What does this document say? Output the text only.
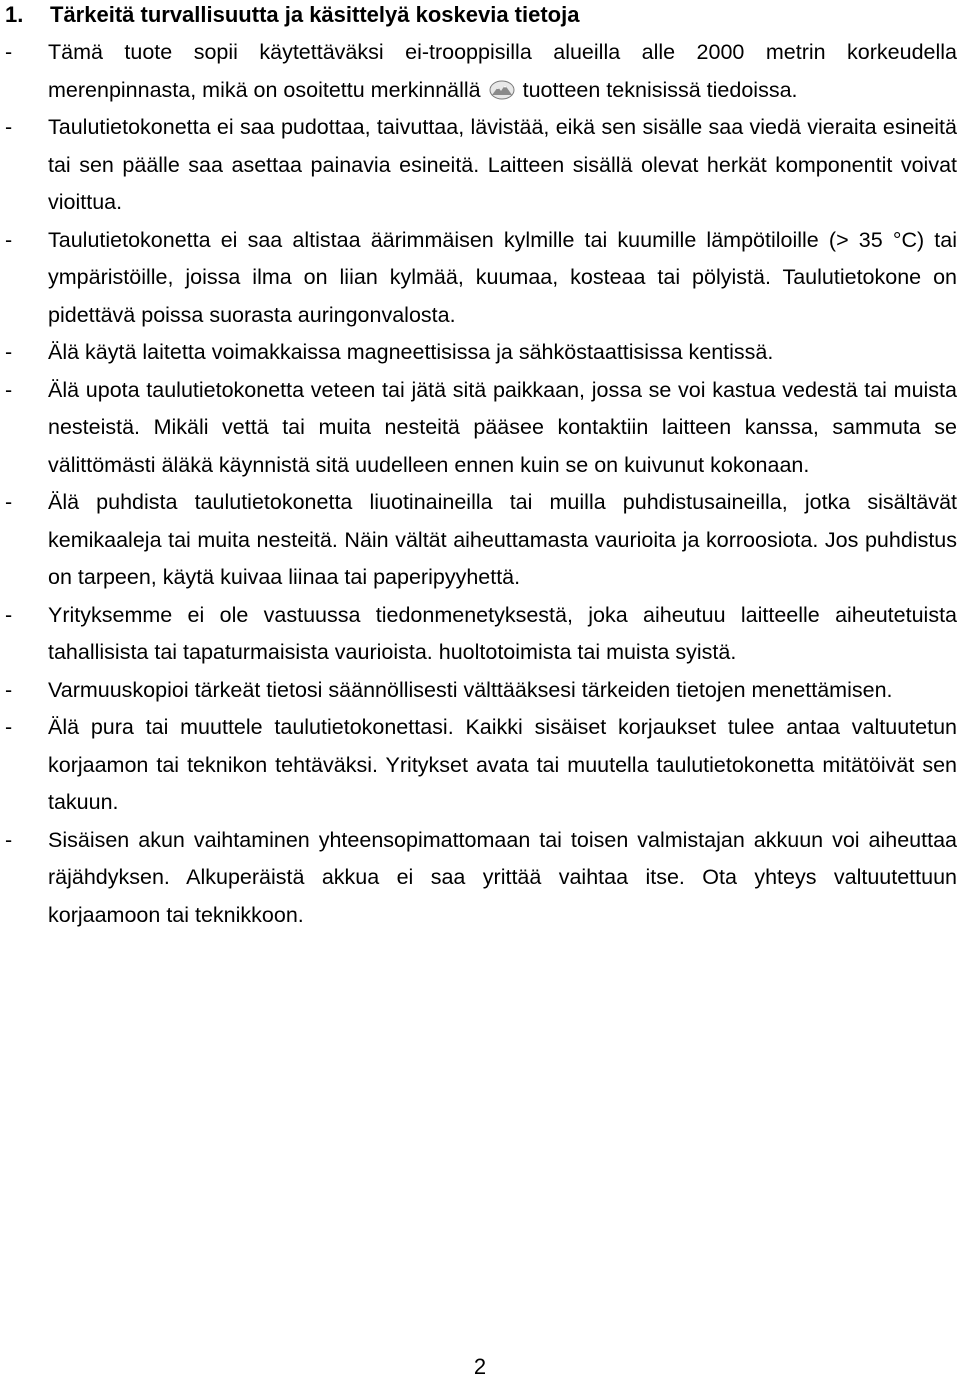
1. Tärkeitä turvallisuutta ja käsittelyä koskevia tietoja
- Tämä tuote sopii käytettäväksi ei-trooppisilla alueilla alle 2000 metrin korkeudella merenpinnasta, mikä on osoitettu merkinnällä tuotteen teknisissä tiedoissa.
- Taulutietokonetta ei saa pudottaa, taivuttaa, lävistää, eikä sen sisälle saa viedä vieraita esineitä tai sen päälle saa asettaa painavia esineitä. Laitteen sisällä olevat herkät komponentit voivat vioittua.
- Taulutietokonetta ei saa altistaa äärimmäisen kylmille tai kuumille lämpötiloille (> 35 °C) tai ympäristöille, joissa ilma on liian kylmää, kuumaa, kosteaa tai pölyistä. Taulutietokone on pidettävä poissa suorasta auringonvalosta.
- Älä käytä laitetta voimakkaissa magneettisissa ja sähköstaattisissa kentissä.
- Älä upota taulutietokonetta veteen tai jätä sitä paikkaan, jossa se voi kastua vedestä tai muista nesteistä. Mikäli vettä tai muita nesteitä pääsee kontaktiin laitteen kanssa, sammuta se välittömästi äläkä käynnistä sitä uudelleen ennen kuin se on kuivunut kokonaan.
- Älä puhdista taulutietokonetta liuotinaineilla tai muilla puhdistusaineilla, jotka sisältävät kemikaaleja tai muita nesteitä. Näin vältät aiheuttamasta vaurioita ja korroosiota. Jos puhdistus on tarpeen, käytä kuivaa liinaa tai paperipyyhettä.
- Yrityksemme ei ole vastuussa tiedonmenetyksestä, joka aiheutuu laitteelle aiheutetuista tahallisista tai tapaturmaisista vaurioista. huoltotoimista tai muista syistä.
- Varmuuskopioi tärkeät tietosi säännöllisesti välttääksesi tärkeiden tietojen menettämisen.
- Älä pura tai muuttele taulutietokonettasi. Kaikki sisäiset korjaukset tulee antaa valtuutetun korjaamon tai teknikon tehtäväksi. Yritykset avata tai muutella taulutietokonetta mitätöivät sen takuun.
- Sisäisen akun vaihtaminen yhteensopimattomaan tai toisen valmistajan akkuun voi aiheuttaa räjähdyksen. Alkuperäistä akkua ei saa yrittää vaihtaa itse. Ota yhteys valtuutettuun korjaamoon tai teknikkoon.
2
